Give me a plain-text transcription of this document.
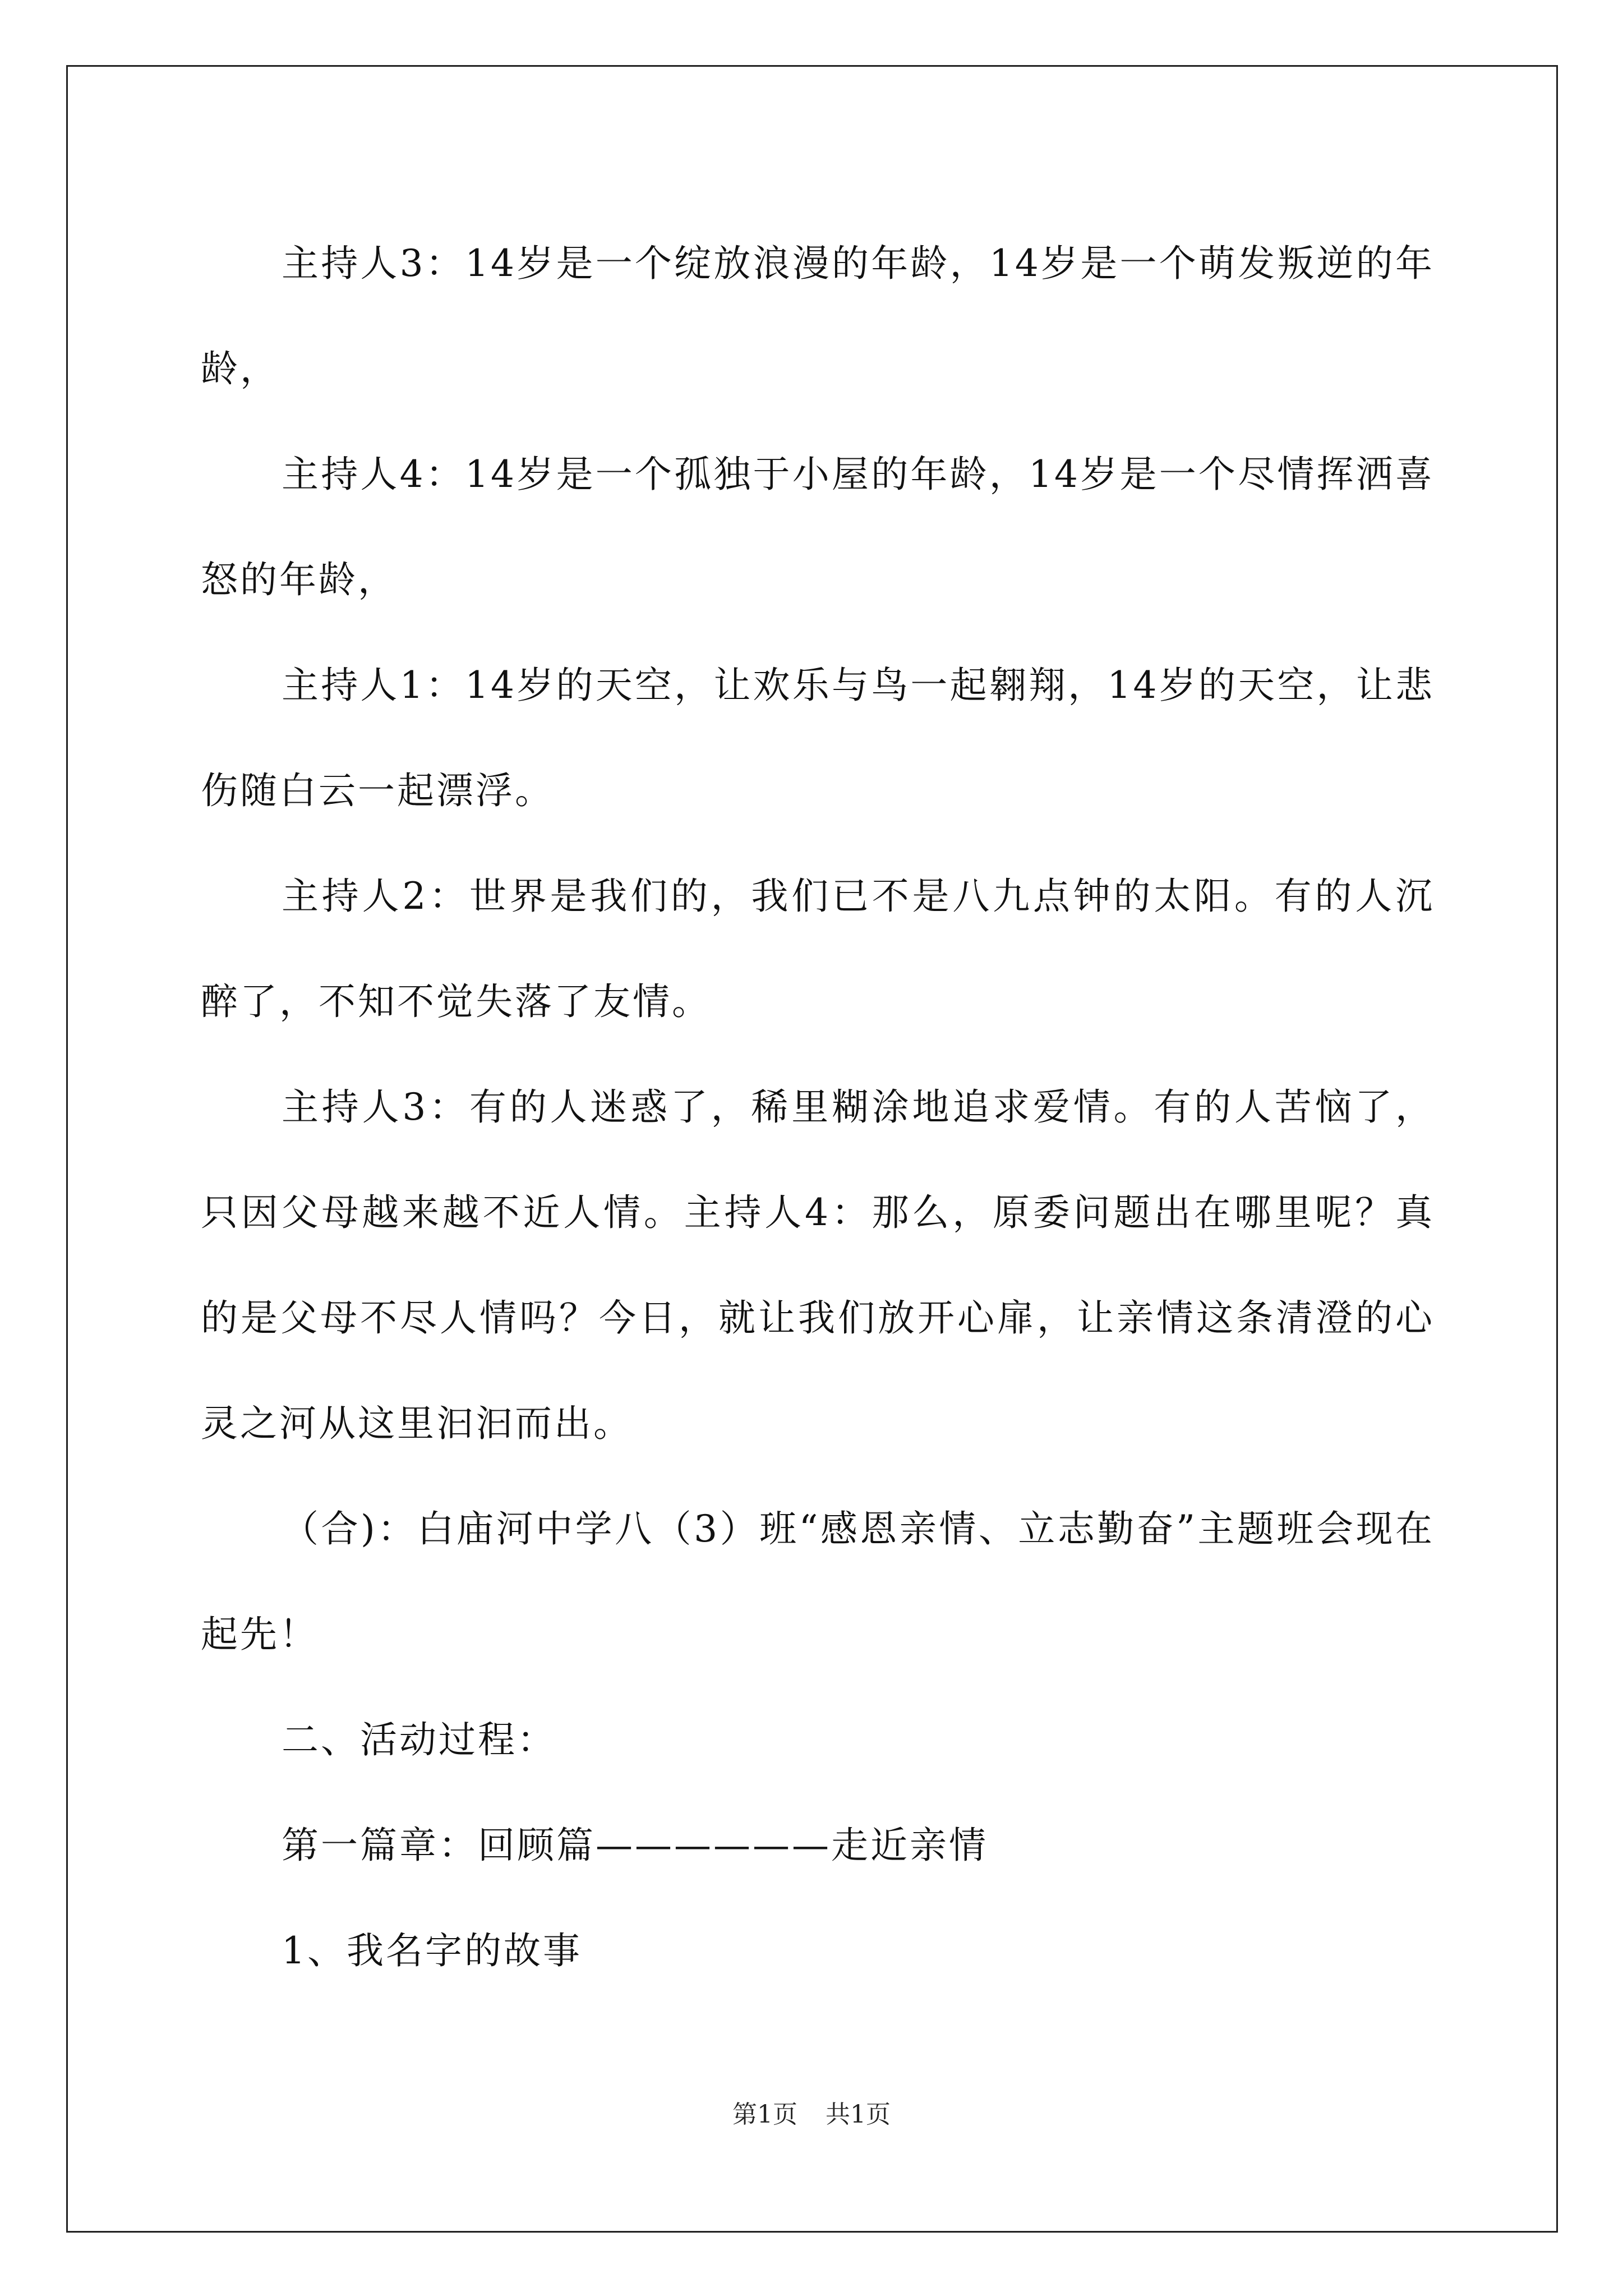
主持人3：14岁是一个绽放浪漫的年龄，14岁是一个萌发叛逆的年龄，

主持人4：14岁是一个孤独于小屋的年龄，14岁是一个尽情挥洒喜怒的年龄，

主持人1：14岁的天空，让欢乐与鸟一起翱翔，14岁的天空，让悲伤随白云一起漂浮。

主持人2：世界是我们的，我们已不是八九点钟的太阳。有的人沉醉了，不知不觉失落了友情。

主持人3：有的人迷惑了，稀里糊涂地追求爱情。有的人苦恼了，只因父母越来越不近人情。主持人4：那么，原委问题出在哪里呢？真的是父母不尽人情吗？今日，就让我们放开心扉，让亲情这条清澄的心灵之河从这里汩汩而出。

（合)：白庙河中学八（3）班“感恩亲情、立志勤奋”主题班会现在起先！

二、活动过程：

第一篇章：回顾篇——————走近亲情

1、我名字的故事

第1页 共1页
